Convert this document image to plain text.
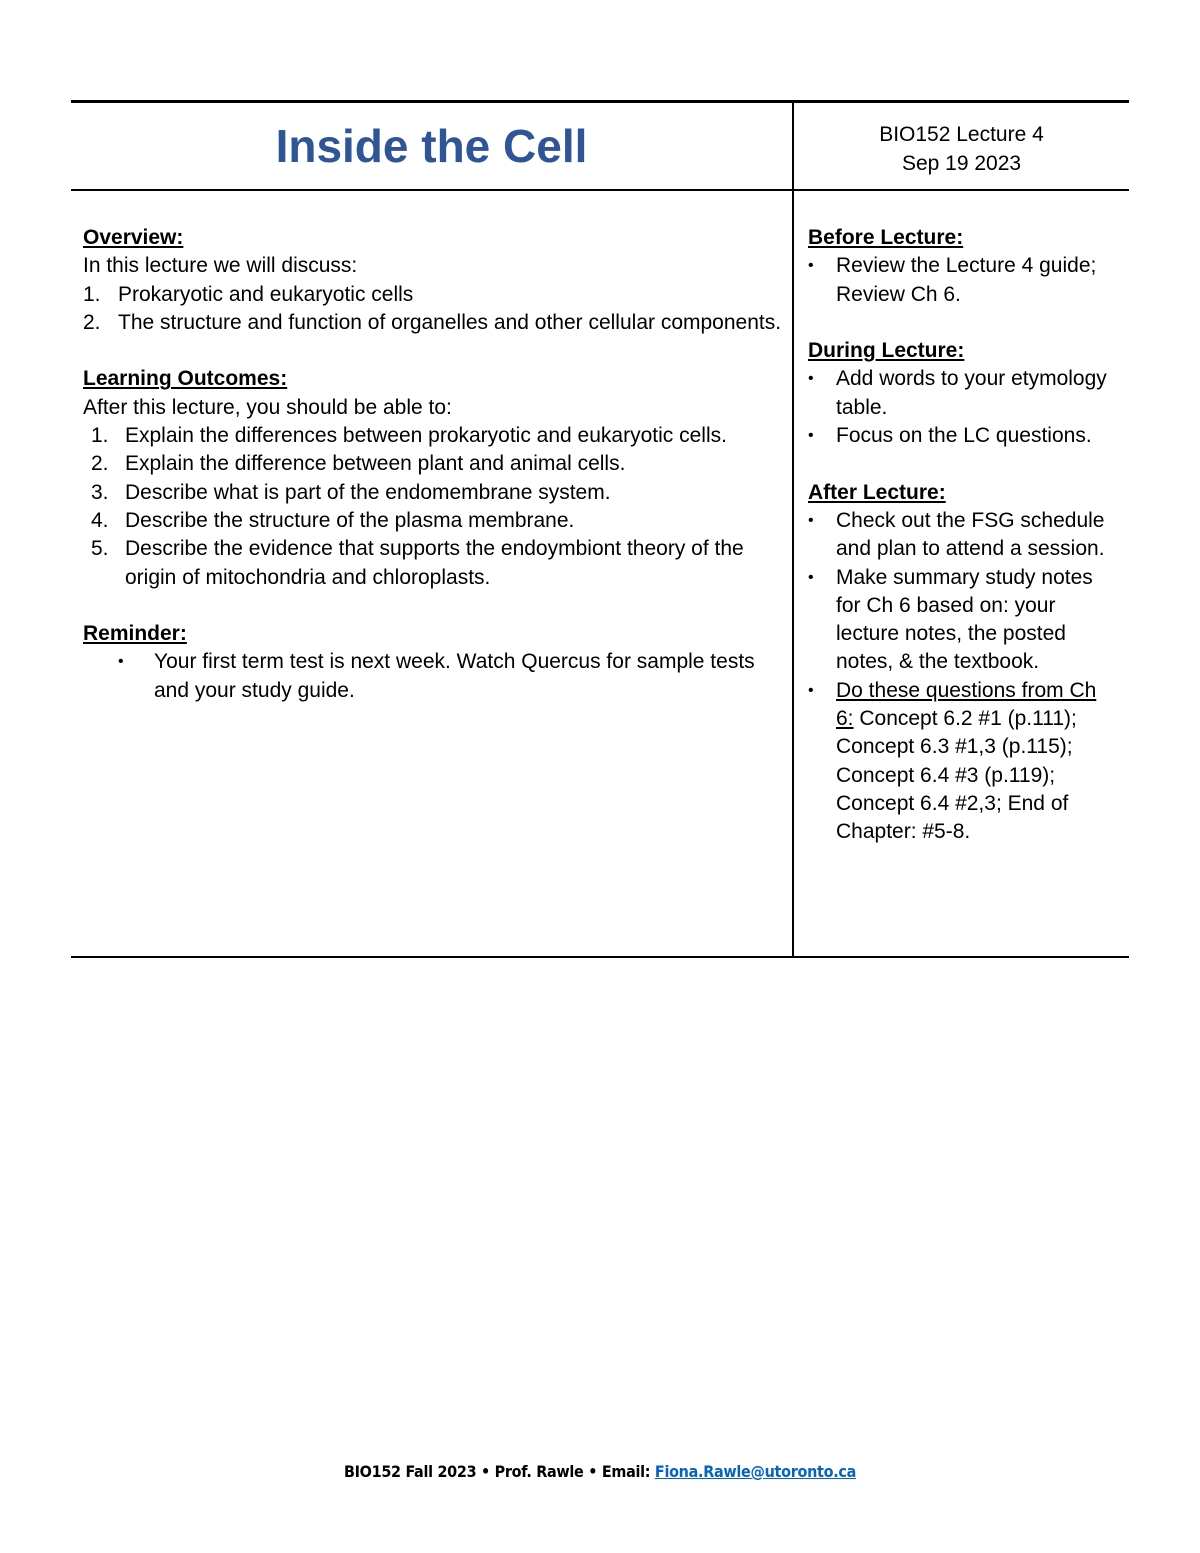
Inside the Cell	BIO152 Lecture 4
Sep 19 2023
Overview:
In this lecture we will discuss:
1. Prokaryotic and eukaryotic cells
2. The structure and function of organelles and other cellular components.
Learning Outcomes:
After this lecture, you should be able to:
1. Explain the differences between prokaryotic and eukaryotic cells.
2. Explain the difference between plant and animal cells.
3. Describe what is part of the endomembrane system.
4. Describe the structure of the plasma membrane.
5. Describe the evidence that supports the endoymbiont theory of the origin of mitochondria and chloroplasts.
Reminder:
•	Your first term test is next week. Watch Quercus for sample tests and your study guide.
Before Lecture:
•	Review the Lecture 4 guide; Review Ch 6.
During Lecture:
•	Add words to your etymology table.
•	Focus on the LC questions.
After Lecture:
•	Check out the FSG schedule and plan to attend a session.
•	Make summary study notes for Ch 6 based on: your lecture notes, the posted notes, & the textbook.
•	Do these questions from Ch 6: Concept 6.2 #1 (p.111); Concept 6.3 #1,3 (p.115); Concept 6.4 #3 (p.119); Concept 6.4 #2,3; End of Chapter: #5-8.
BIO152 Fall 2023 • Prof. Rawle • Email: Fiona.Rawle@utoronto.ca
